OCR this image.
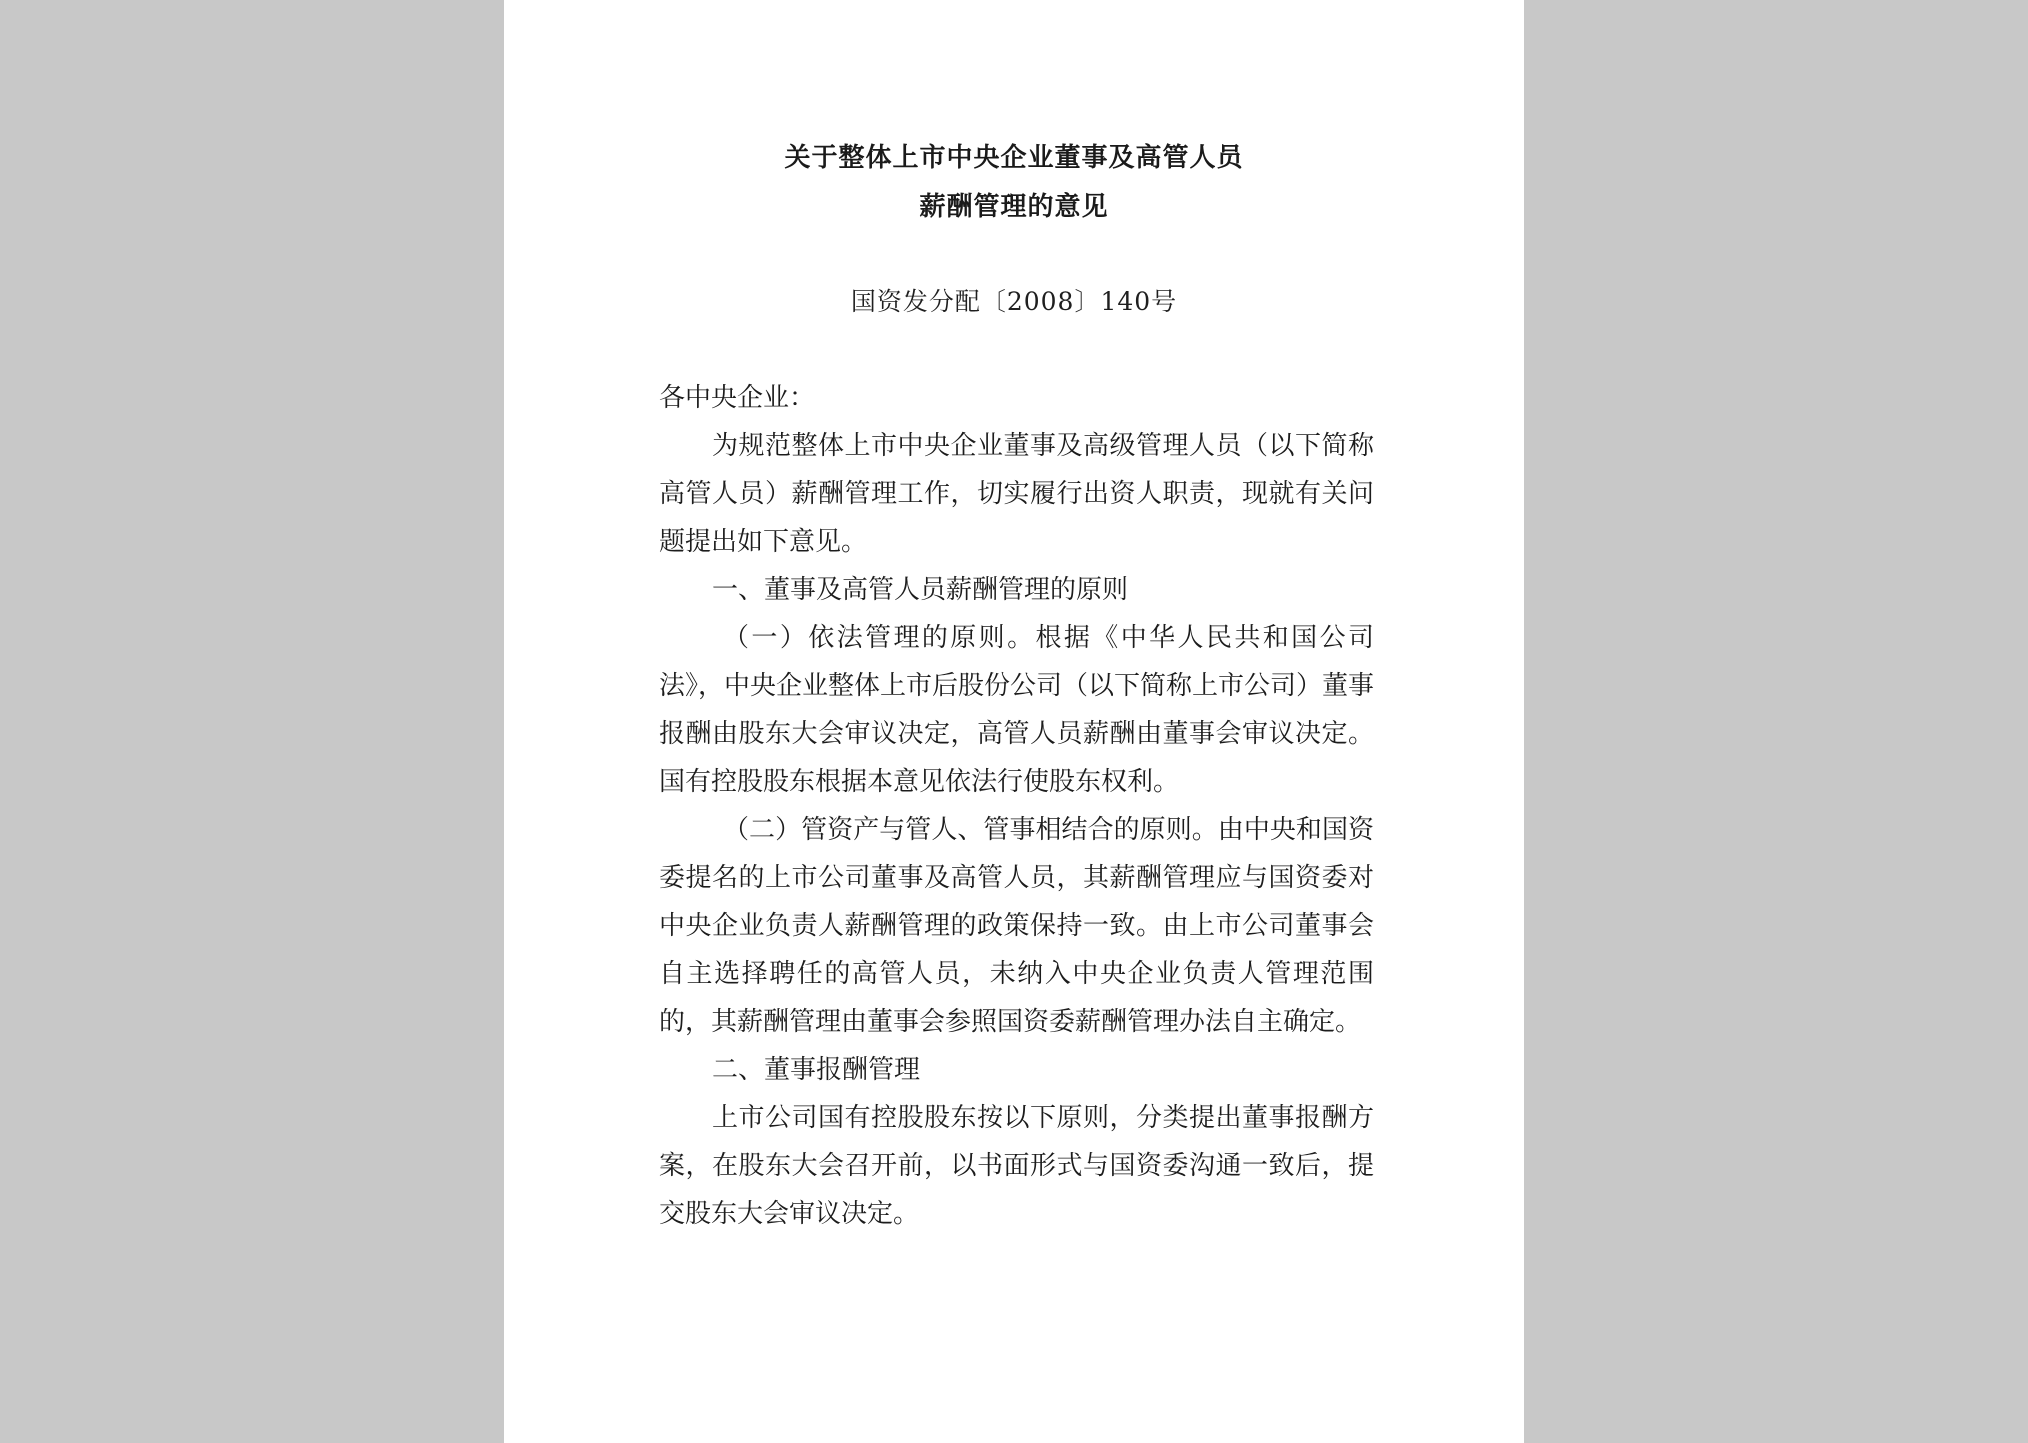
关于整体上市中央企业董事及高管人员
薪酬管理的意见
国资发分配〔2008〕140号

各中央企业：

为规范整体上市中央企业董事及高级管理人员（以下简称高管人员）薪酬管理工作，切实履行出资人职责，现就有关问题提出如下意见。

一、董事及高管人员薪酬管理的原则

（一）依法管理的原则。根据《中华人民共和国公司法》，中央企业整体上市后股份公司（以下简称上市公司）董事报酬由股东大会审议决定，高管人员薪酬由董事会审议决定。国有控股股东根据本意见依法行使股东权利。

（二）管资产与管人、管事相结合的原则。由中央和国资委提名的上市公司董事及高管人员，其薪酬管理应与国资委对中央企业负责人薪酬管理的政策保持一致。由上市公司董事会自主选择聘任的高管人员，未纳入中央企业负责人管理范围的，其薪酬管理由董事会参照国资委薪酬管理办法自主确定。

二、董事报酬管理

上市公司国有控股股东按以下原则，分类提出董事报酬方案，在股东大会召开前，以书面形式与国资委沟通一致后，提交股东大会审议决定。
